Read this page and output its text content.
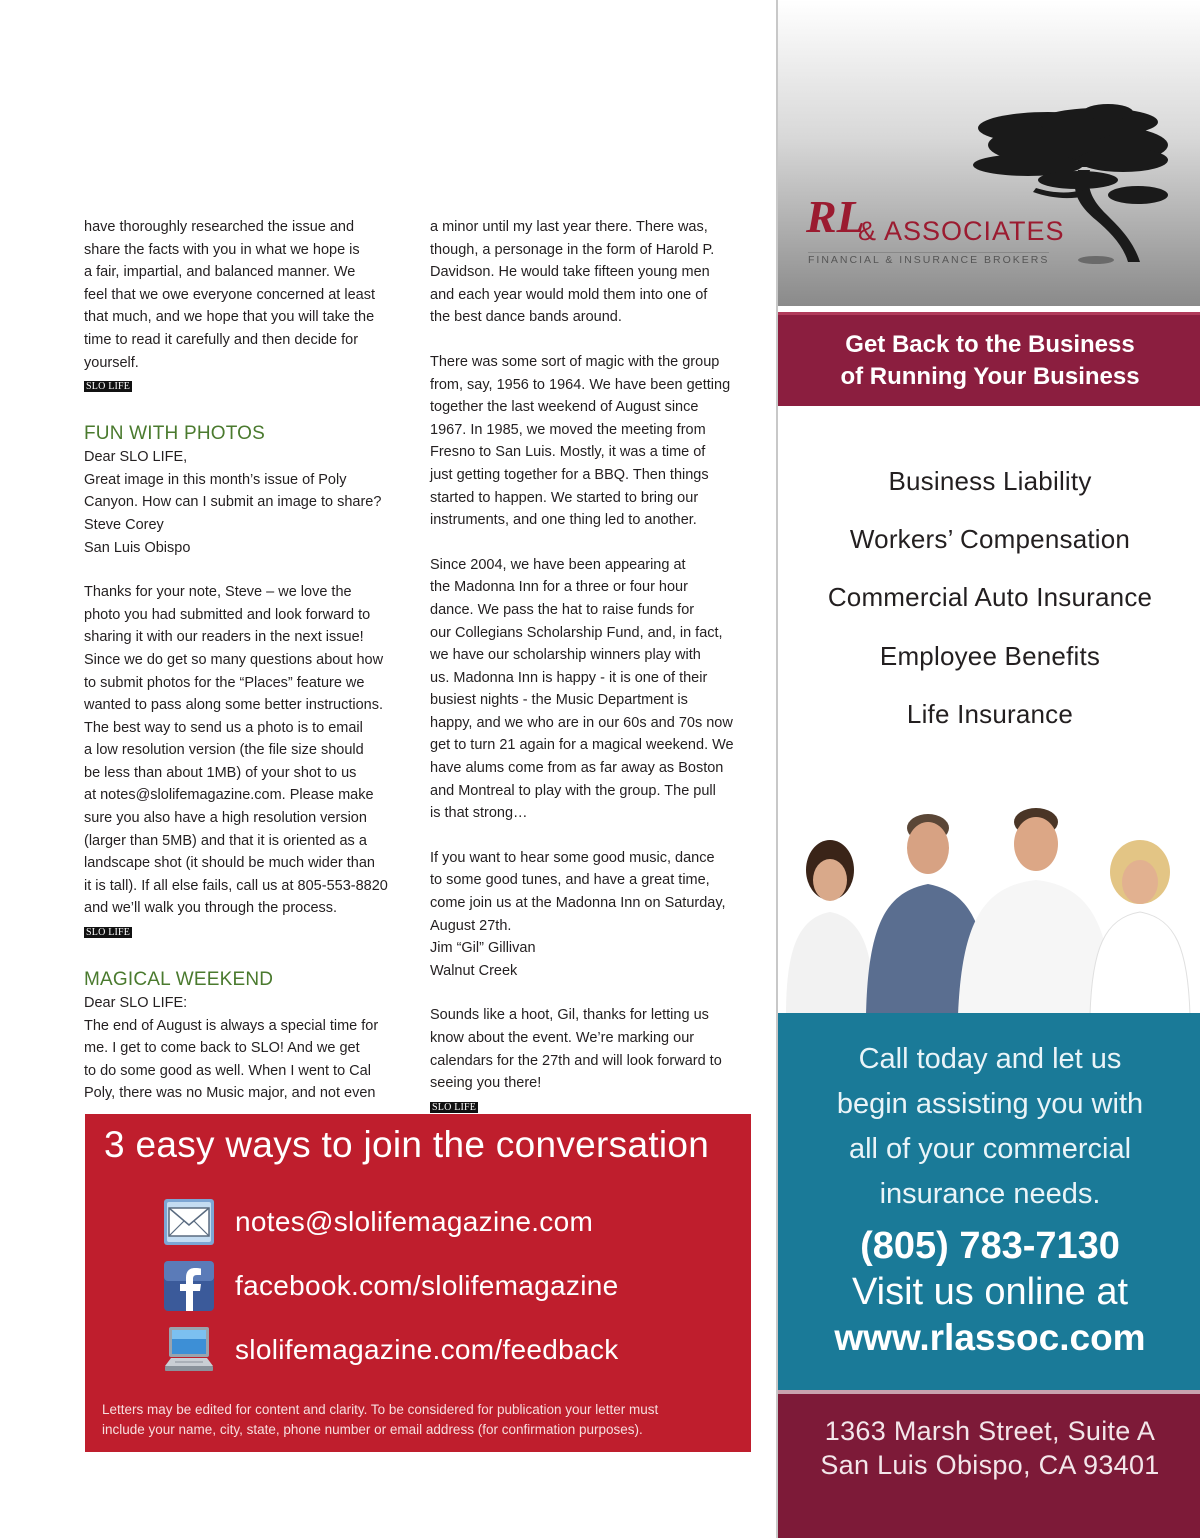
have thoroughly researched the issue and
share the facts with you in what we hope is
a fair, impartial, and balanced manner. We
feel that we owe everyone concerned at least
that much, and we hope that you will take the
time to read it carefully and then decide for
yourself.

SLO LIFE
FUN WITH PHOTOS

Dear SLO LIFE,
Great image in this month’s issue of Poly
Canyon. How can I submit an image to share?
Steve Corey
San Luis Obispo

Thanks for your note, Steve – we love the
photo you had submitted and look forward to
sharing it with our readers in the next issue!
Since we do get so many questions about how
to submit photos for the “Places” feature we
wanted to pass along some better instructions.
The best way to send us a photo is to email
a low resolution version (the file size should
be less than about 1MB) of your shot to us
at notes@slolifemagazine.com. Please make
sure you also have a high resolution version
(larger than 5MB) and that it is oriented as a
landscape shot (it should be much wider than
it is tall). If all else fails, call us at 805-553-8820
and we’ll walk you through the process.

SLO LIFE
MAGICAL WEEKEND

Dear SLO LIFE:
The end of August is always a special time for
me. I get to come back to SLO! And we get
to do some good as well. When I went to Cal
Poly, there was no Music major, and not even

a minor until my last year there. There was,
though, a personage in the form of Harold P.
Davidson. He would take fifteen young men
and each year would mold them into one of
the best dance bands around.

There was some sort of magic with the group
from, say, 1956 to 1964. We have been getting
together the last weekend of August since
1967. In 1985, we moved the meeting from
Fresno to San Luis. Mostly, it was a time of
just getting together for a BBQ. Then things
started to happen. We started to bring our
instruments, and one thing led to another.

Since 2004, we have been appearing at
the Madonna Inn for a three or four hour
dance. We pass the hat to raise funds for
our Collegians Scholarship Fund, and, in fact,
we have our scholarship winners play with
us. Madonna Inn is happy - it is one of their
busiest nights - the Music Department is
happy, and we who are in our 60s and 70s now
get to turn 21 again for a magical weekend. We
have alums come from as far away as Boston
and Montreal to play with the group. The pull
is that strong…

If you want to hear some good music, dance
to some good tunes, and have a great time,
come join us at the Madonna Inn on Saturday,
August 27th.
Jim “Gil” Gillivan
Walnut Creek

Sounds like a hoot, Gil, thanks for letting us
know about the event. We’re marking our
calendars for the 27th and will look forward to
seeing you there!

SLO LIFE
3 easy ways to join the conversation
notes@slolifemagazine.com
facebook.com/slolifemagazine
slolifemagazine.com/feedback
Letters may be edited for content and clarity. To be considered for publication your letter must
include your name, city, state, phone number or email address (for confirmation purposes).
RL
& ASSOCIATES
FINANCIAL & INSURANCE BROKERS
Get Back to the Business
of Running Your Business
Business Liability
Workers’ Compensation
Commercial Auto Insurance
Employee Benefits
Life Insurance
Call today and let us
begin assisting you with
all of your commercial
insurance needs.
(805) 783-7130
Visit us online at
www.rlassoc.com
1363 Marsh Street, Suite A
San Luis Obispo, CA 93401
